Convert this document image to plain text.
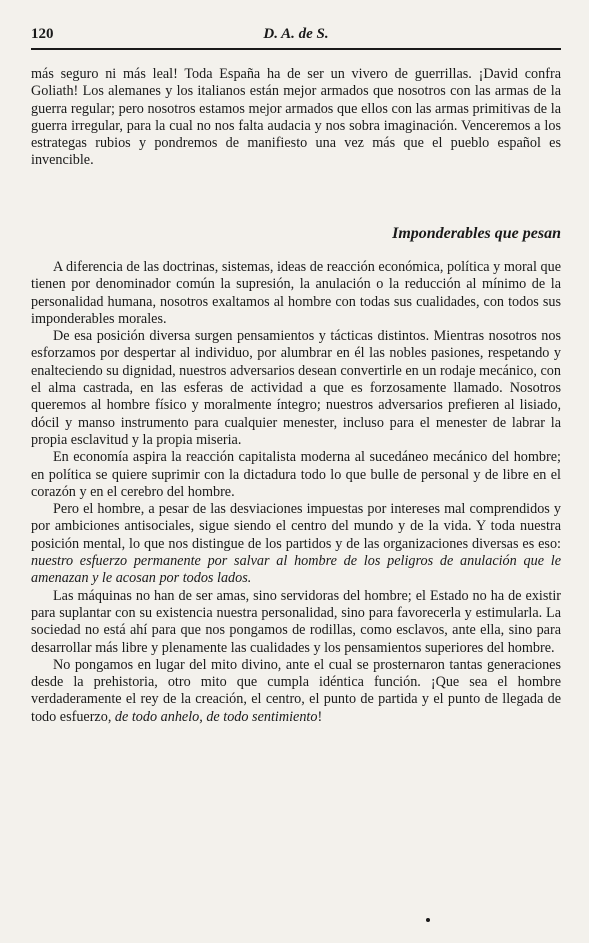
120	D. A. de S.

más seguro ni más leal! Toda España ha de ser un vivero de guerrillas. ¡David confra Goliath! Los alemanes y los italianos están mejor armados que nosotros con las armas de la guerra regular; pero nosotros estamos mejor armados que ellos con las armas primitivas de la guerra irregular, para la cual no nos falta audacia y nos sobra imaginación. Venceremos a los estrategas rubios y pondremos de manifiesto una vez más que el pueblo español es invencible.

Imponderables que pesan

A diferencia de las doctrinas, sistemas, ideas de reacción económica, política y moral que tienen por denominador común la supresión, la anulación o la reducción al mínimo de la personalidad humana, nosotros exaltamos al hombre con todas sus cualidades, con todos sus imponderables morales.

De esa posición diversa surgen pensamientos y tácticas distintos. Mientras nosotros nos esforzamos por despertar al individuo, por alumbrar en él las nobles pasiones, respetando y enalteciendo su dignidad, nuestros adversarios desean convertirle en un rodaje mecánico, con el alma castrada, en las esferas de actividad a que es forzosamente llamado. Nosotros queremos al hombre físico y moralmente íntegro; nuestros adversarios prefieren al lisiado, dócil y manso instrumento para cualquier menester, incluso para el menester de labrar la propia esclavitud y la propia miseria.

En economía aspira la reacción capitalista moderna al sucedáneo mecánico del hombre; en política se quiere suprimir con la dictadura todo lo que bulle de personal y de libre en el corazón y en el cerebro del hombre.

Pero el hombre, a pesar de las desviaciones impuestas por intereses mal comprendidos y por ambiciones antisociales, sigue siendo el centro del mundo y de la vida. Y toda nuestra posición mental, lo que nos distingue de los partidos y de las organizaciones diversas es eso: nuestro esfuerzo permanente por salvar al hombre de los peligros de anulación que le amenazan y le acosan por todos lados.

Las máquinas no han de ser amas, sino servidoras del hombre; el Estado no ha de existir para suplantar con su existencia nuestra personalidad, sino para favorecerla y estimularla. La sociedad no está ahí para que nos pongamos de rodillas, como esclavos, ante ella, sino para desarrollar más libre y plenamente las cualidades y los pensamientos superiores del hombre.

No pongamos en lugar del mito divino, ante el cual se prosternaron tantas generaciones desde la prehistoria, otro mito que cumpla idéntica función. ¡Que sea el hombre verdaderamente el rey de la creación, el centro, el punto de partida y el punto de llegada de todo esfuerzo, de todo anhelo, de todo sentimiento!
